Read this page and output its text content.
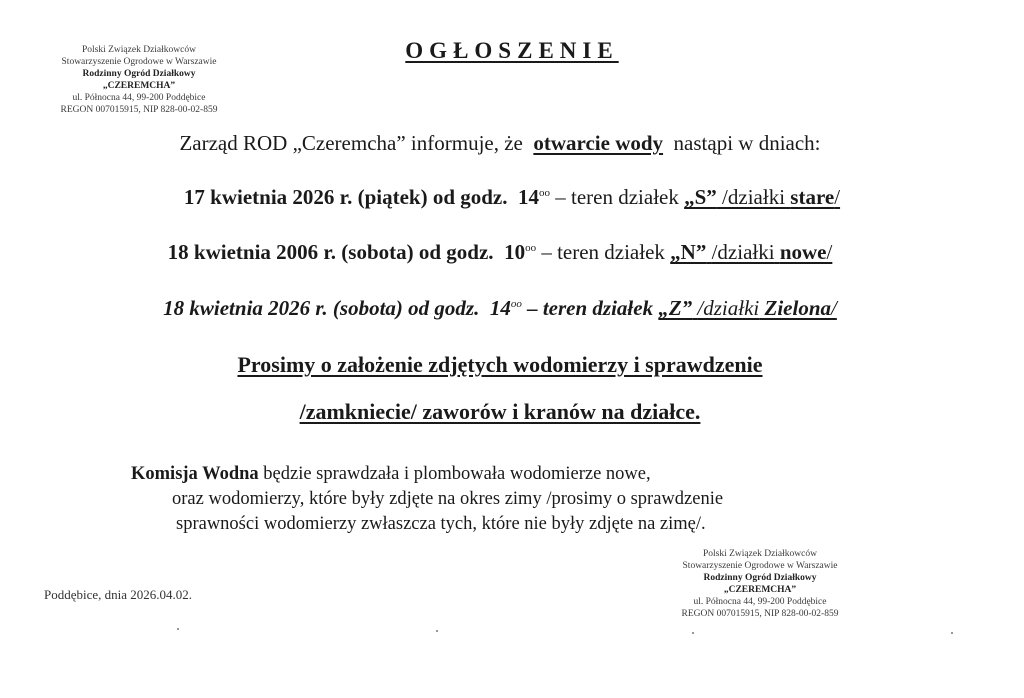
Polski Związek Działkowców
Stowarzyszenie Ogrodowe w Warszawie
Rodzinny Ogród Działkowy
„CZEREMCHA”
ul. Północna 44, 99-200 Poddębice
REGON 007015915, NIP 828-00-02-859
OGŁOSZENIE
Zarząd ROD „Czeremcha” informuje, że otwarcie wody nastąpi w dniach:
17 kwietnia 2026 r. (piątek) od godz. $14^{oo}$ – teren działek „S” /działki stare/
18 kwietnia 2006 r. (sobota) od godz. $10^{oo}$ – teren działek „N” /działki nowe/
18 kwietnia 2026 r. (sobota) od godz. $14^{oo}$ – teren działek „Z” /działki Zielona/
Prosimy o założenie zdjętych wodomierzy i sprawdzenie
/zamkniecie/ zaworów i kranów na działce.
Komisja Wodna będzie sprawdzała i plombowała wodomierze nowe,
oraz wodomierzy, które były zdjęte na okres zimy /prosimy o sprawdzenie
sprawności wodomierzy zwłaszcza tych, które nie były zdjęte na zimę/.
Poddębice, dnia 2026.04.02.
Polski Związek Działkowców
Stowarzyszenie Ogrodowe w Warszawie
Rodzinny Ogród Działkowy
„CZEREMCHA”
ul. Północna 44, 99-200 Poddębice
REGON 007015915, NIP 828-00-02-859
